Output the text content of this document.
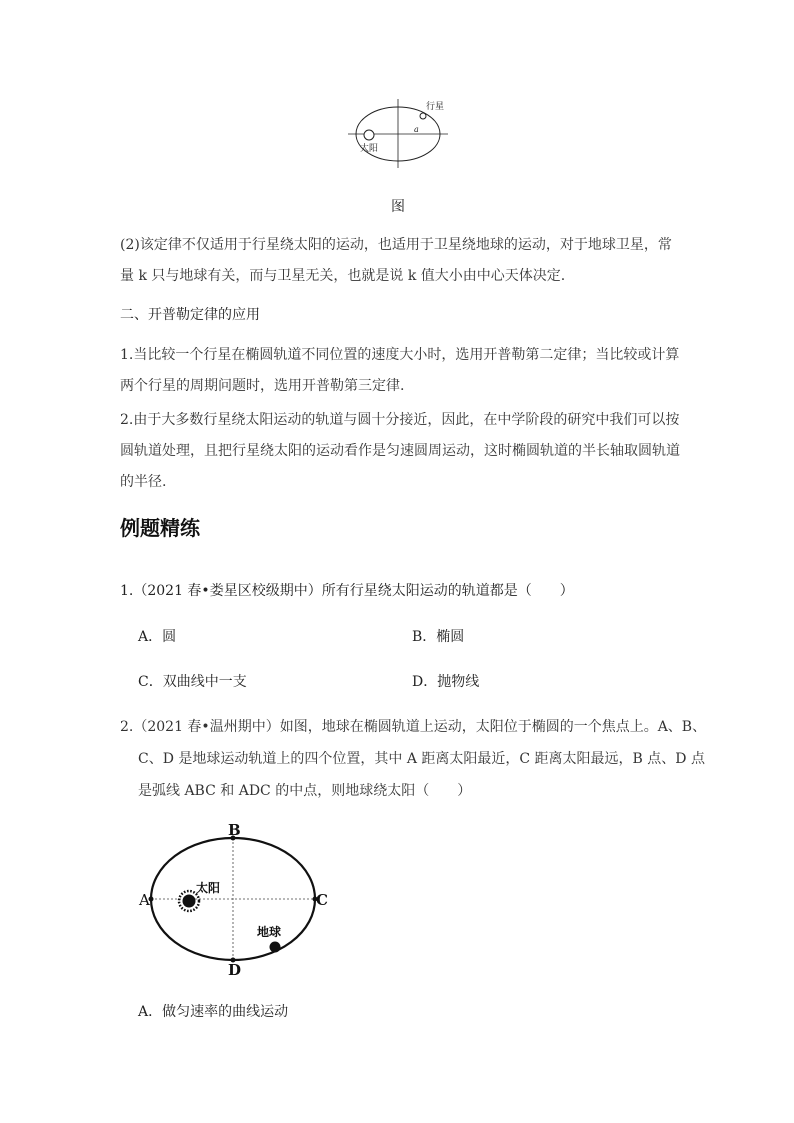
行星
太阳
a
图
(2)该定律不仅适用于行星绕太阳的运动，也适用于卫星绕地球的运动，对于地球卫星，常
量 k 只与地球有关，而与卫星无关，也就是说 k 值大小由中心天体决定.
二、开普勒定律的应用
1.当比较一个行星在椭圆轨道不同位置的速度大小时，选用开普勒第二定律；当比较或计算
两个行星的周期问题时，选用开普勒第三定律.
2.由于大多数行星绕太阳运动的轨道与圆十分接近，因此，在中学阶段的研究中我们可以按
圆轨道处理，且把行星绕太阳的运动看作是匀速圆周运动，这时椭圆轨道的半长轴取圆轨道
的半径.
例题精练
1.（2021 春•娄星区校级期中）所有行星绕太阳运动的轨道都是（　　）
A．圆	B．椭圆
C．双曲线中一支	D．抛物线
2.（2021 春•温州期中）如图，地球在椭圆轨道上运动，太阳位于椭圆的一个焦点上。A、B、
C、D 是地球运动轨道上的四个位置，其中 A 距离太阳最近，C 距离太阳最远，B 点、D 点
是弧线 ABC 和 ADC 的中点，则地球绕太阳（　　）
A
B
C
D
太阳
地球
A．做匀速率的曲线运动
